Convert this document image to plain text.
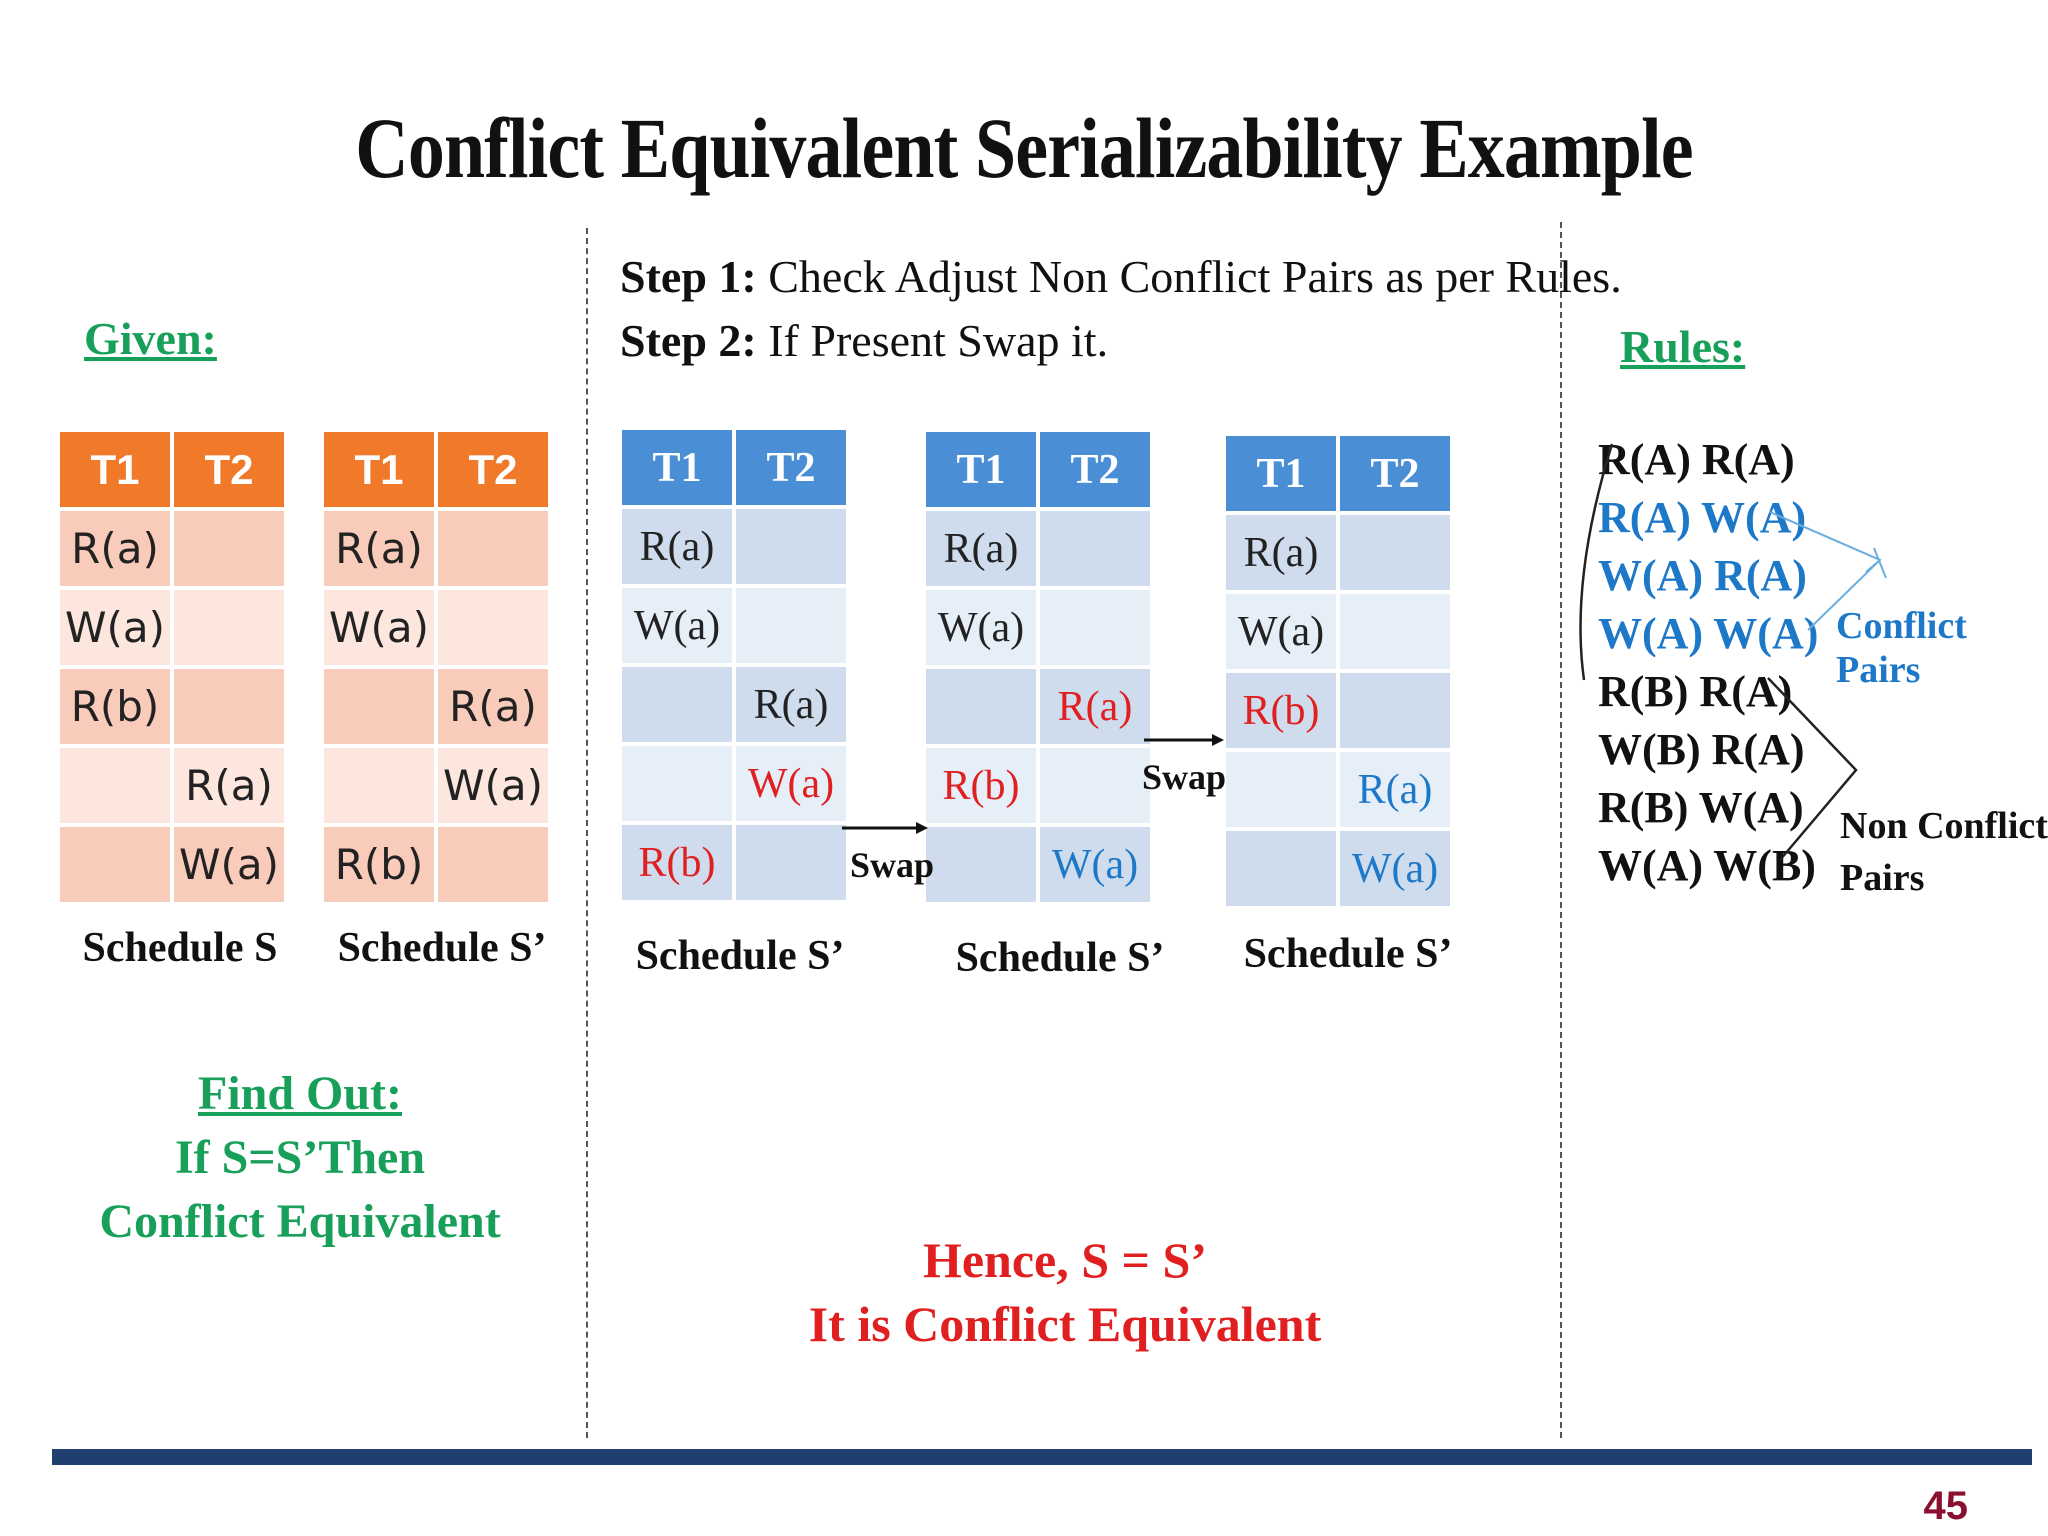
Conflict Equivalent Serializability Example
Given:
Step 1: Check Adjust Non Conflict Pairs as per Rules.
Step 2: If Present Swap it.	Rules:
T1	T2
R(a)	
W(a)	
R(b)	
	R(a)
	W(a)
Schedule S
T1	T2
R(a)	
W(a)	
	R(a)
	W(a)
R(b)	
Schedule S’
T1	T2
R(a)	
W(a)	
	R(a)
	W(a)
R(b)	
Schedule S’
T1	T2
R(a)	
W(a)	
	R(a)
R(b)	
	W(a)
Schedule S’
T1	T2
R(a)	
W(a)	
R(b)	
	R(a)
	W(a)
Schedule S’
Swap
Swap
R(A) R(A)
R(A) W(A)
W(A) R(A)
W(A) W(A)
R(B) R(A)
W(B) R(A)
R(B) W(A)
W(A) W(B)
Conflict Pairs
Non Conflict
Pairs
Find Out:
If S=S’Then
Conflict Equivalent
Hence, S = S’
It is Conflict Equivalent
45
